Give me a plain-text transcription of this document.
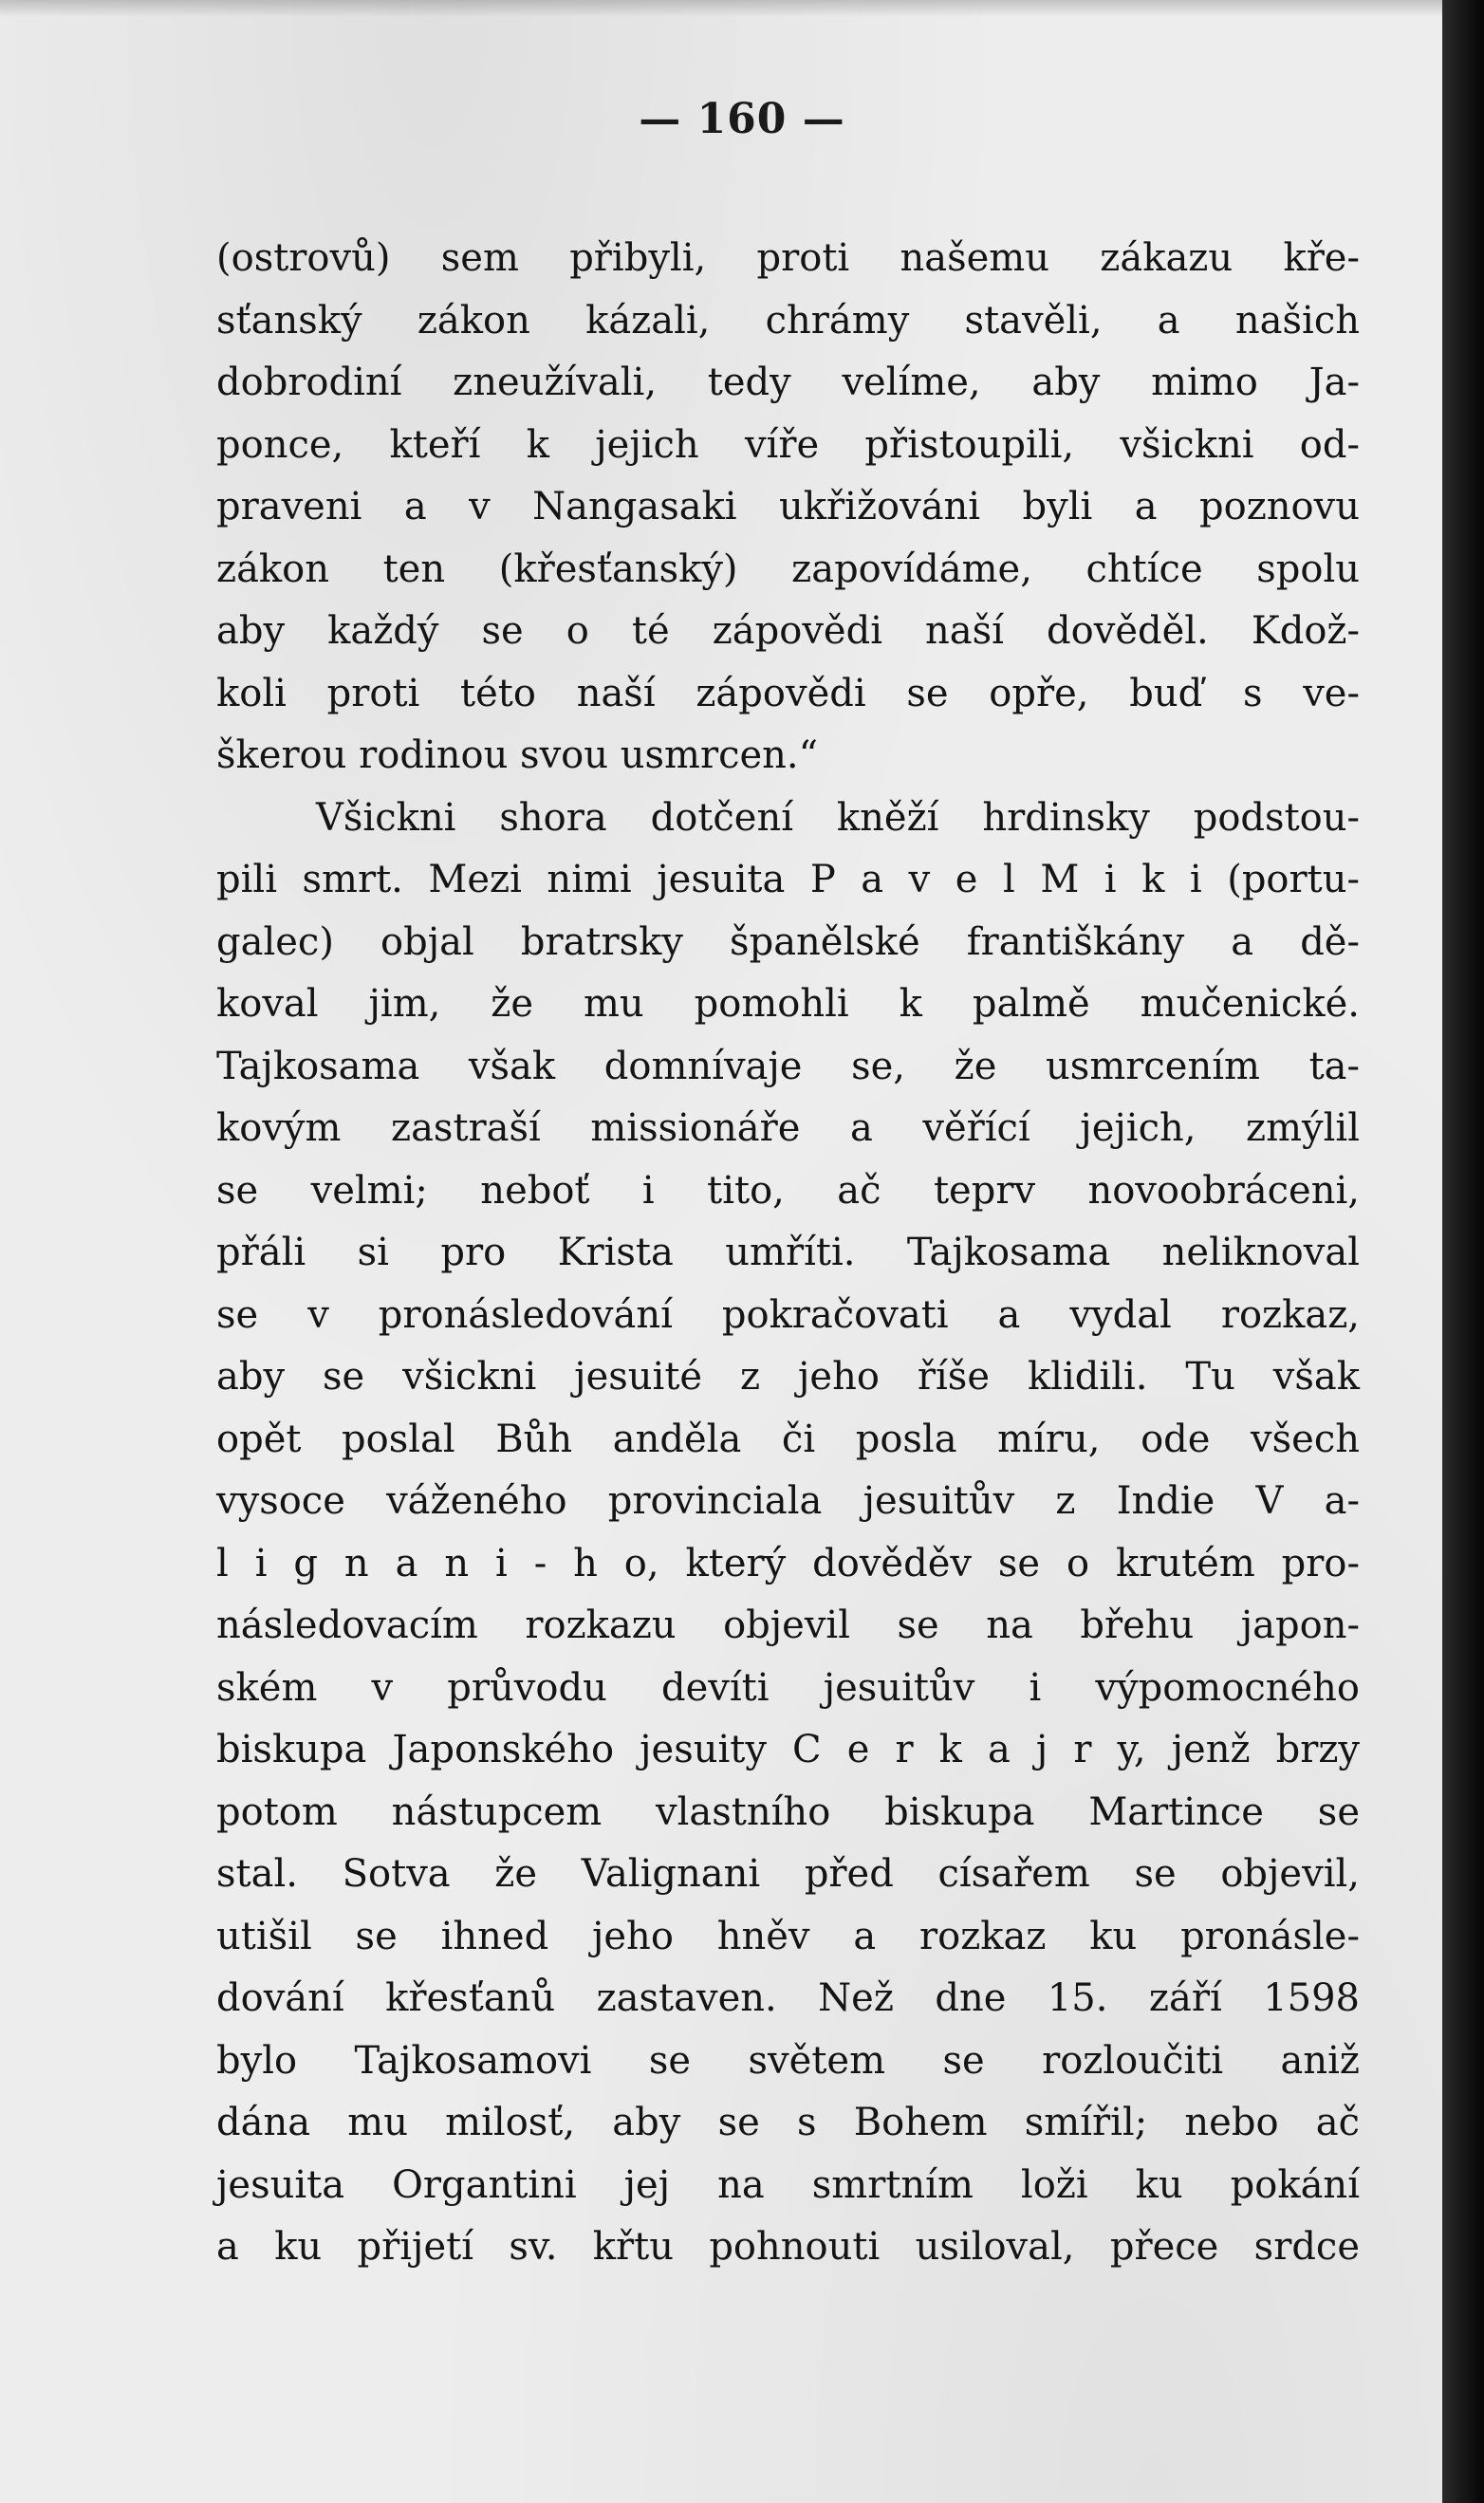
— 160 —
(ostrovů) sem přibyli, proti našemu zákazu kře-
sťanský zákon kázali, chrámy stavěli, a našich
dobrodiní zneužívali, tedy velíme, aby mimo Ja-
ponce, kteří k jejich víře přistoupili, všickni od-
praveni a v Nangasaki ukřižováni byli a poznovu
zákon ten (křesťanský) zapovídáme, chtíce spolu
aby každý se o té zápovědi naší dověděl. Kdož-
koli proti této naší zápovědi se opře, buď s ve-
škerou rodinou svou usmrcen.“
Všickni shora dotčení kněží hrdinsky podstou-
pili smrt. Mezi nimi jesuita P a v e l M i k i (portu-
galec) objal bratrsky španělské františkány a dě-
koval jim, že mu pomohli k palmě mučenické.
Tajkosama však domnívaje se, že usmrcením ta-
kovým zastraší missionáře a věřící jejich, zmýlil
se velmi; neboť i tito, ač teprv novoobráceni,
přáli si pro Krista umříti. Tajkosama neliknoval
se v pronásledování pokračovati a vydal rozkaz,
aby se všickni jesuité z jeho říše klidili. Tu však
opět poslal Bůh anděla či posla míru, ode všech
vysoce váženého provinciala jesuitův z Indie V a-
l i g n a n i - h o, který dověděv se o krutém pro-
následovacím rozkazu objevil se na břehu japon-
ském v průvodu devíti jesuitův i výpomocného
biskupa Japonského jesuity C e r k a j r y, jenž brzy
potom nástupcem vlastního biskupa Martince se
stal. Sotva že Valignani před císařem se objevil,
utišil se ihned jeho hněv a rozkaz ku pronásle-
dování křesťanů zastaven. Než dne 15. září 1598
bylo Tajkosamovi se světem se rozloučiti aniž
dána mu milosť, aby se s Bohem smířil; nebo ač
jesuita Organtini jej na smrtním loži ku pokání
a ku přijetí sv. křtu pohnouti usiloval, přece srdce
